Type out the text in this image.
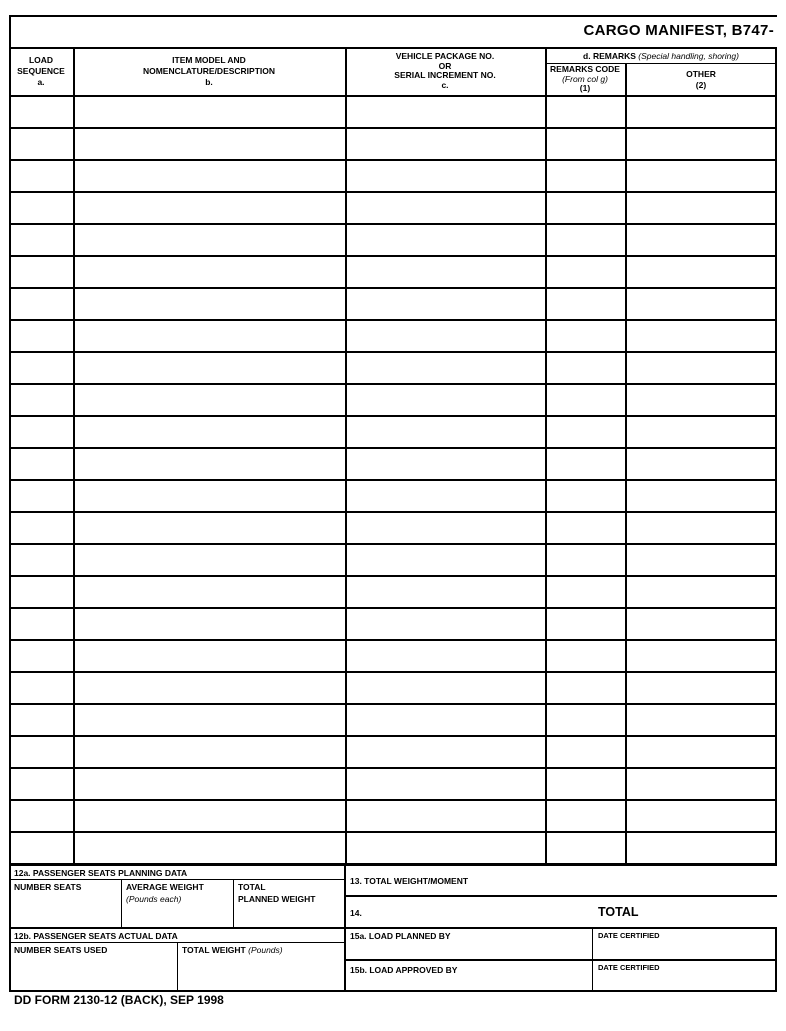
CARGO MANIFEST, B747-
LOAD
SEQUENCE
a.
ITEM MODEL AND
NOMENCLATURE/DESCRIPTION
b.
VEHICLE PACKAGE NO.
OR
SERIAL INCREMENT NO.
c.
d. REMARKS (Special handling, shoring)
REMARKS CODE
(From col g)
(1)
OTHER
(2)
12a. PASSENGER SEATS PLANNING DATA
NUMBER SEATS	AVERAGE WEIGHT
(Pounds each)
TOTAL
PLANNED WEIGHT
12b. PASSENGER SEATS ACTUAL DATA
NUMBER SEATS USED	TOTAL WEIGHT (Pounds)
13. TOTAL WEIGHT/MOMENT
14.	TOTAL
15a. LOAD PLANNED BY	DATE CERTIFIED
15b. LOAD APPROVED BY	DATE CERTIFIED
DD FORM 2130-12 (BACK), SEP 1998
